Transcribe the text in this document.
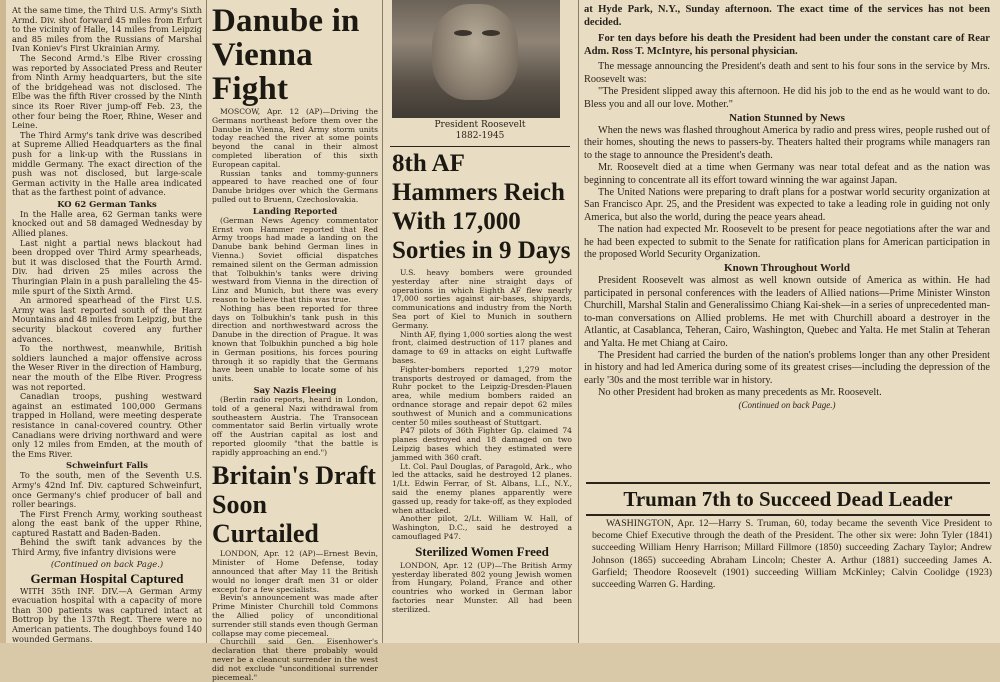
At the same time, the Third U.S. Army's Sixth Armd. Div. shot forward 45 miles from Erfurt to the vicinity of Halle, 14 miles from Leipzig and 85 miles from the Russians of Marshal Ivan Koniev's First Ukrainian Army.

The Second Armd.'s Elbe River crossing was reported by Associated Press and Reuter from Ninth Army headquarters, but the site of the bridgehead was not disclosed. The Elbe was the fifth River crossed by the Ninth since its Roer River jump-off Feb. 23, the other four being the Roer, Rhine, Weser and Leine.

The Third Army's tank drive was described at Supreme Allied Headquarters as the final push for a link-up with the Russians in middle Germany. The exact direction of the push was not disclosed, but large-scale German activity in the Halle area indicated that as the farthest point of advance.

KO 62 German Tanks

In the Halle area, 62 German tanks were knocked out and 58 damaged Wednesday by Allied planes.

Last night a partial news blackout had been dropped over Third Army spearheads, but it was disclosed that the Fourth Armd. Div. had driven 25 miles across the Thuringian Plain in a push paralleling the 45-mile spurt of the Sixth Armd.

An armored spearhead of the First U.S. Army was last reported south of the Harz Mountains and 48 miles from Leipzig, but the security blackout covered any further advances.

To the northwest, meanwhile, British soldiers launched a major offensive across the Weser River in the direction of Hamburg, near the mouth of the Elbe River. Progress was not reported.

Canadian troops, pushing westward against an estimated 100,000 Germans trapped in Holland, were meeting desperate resistance in canal-covered country. Other Canadians were driving northward and were only 12 miles from Emden, at the mouth of the Ems River.

Schweinfurt Falls

To the south, men of the Seventh U.S. Army's 42nd Inf. Div. captured Schweinfurt, once Germany's chief producer of ball and roller bearings.

The First French Army, working southeast along the east bank of the upper Rhine, captured Rastatt and Baden-Baden.

Behind the swift tank advances by the Third Army, five infantry divisions were

(Continued on back Page.)
German Hospital Captured

WITH 35th INF. DIV.—A German Army evacuation hospital with a capacity of more than 300 patients was captured intact at Bottrop by the 137th Regt. There were no American patients. The doughboys found 140 wounded Germans.

Danube in Vienna Fight

MOSCOW, Apr. 12 (AP)—Driving the Germans northeast before them over the Danube in Vienna, Red Army storm units today reached the river at some points beyond the canal in their almost completed liberation of this sixth European capital.

Russian tanks and tommy-gunners appeared to have reached one of four Danube bridges over which the Germans pulled out to Bruenn, Czechoslovakia.

Landing Reported

(German News Agency commentator Ernst von Hammer reported that Red Army troops had made a landing on the Danube bank behind German lines in Vienna.) Soviet official dispatches remained silent on the German admission that Tolbukhin's tanks were driving westward from Vienna in the direction of Linz and Munich, but there was every reason to believe that this was true.

Nothing has been reported for three days on Tolbukhin's tank push in this direction and northwestward across the Danube in the direction of Prague. It was known that Tolbukhin punched a big hole in German positions, his forces pouring through it so rapidly that the Germans have been unable to locate some of his units.

Say Nazis Fleeing

(Berlin radio reports, heard in London, told of a general Nazi withdrawal from southeastern Austria. The Transocean commentator said Berlin virtually wrote off the Austrian capital as lost and reported gloomily "that the battle is rapidly approaching an end.")

Britain's Draft Soon Curtailed

LONDON, Apr. 12 (AP)—Ernest Bevin, Minister of Home Defense, today announced that after May 11 the British would no longer draft men 31 or older except for a few specialists.

Bevin's announcement was made after Prime Minister Churchill told Commons the Allied policy of unconditional surrender still stands even though German collapse may come piecemeal.

Churchill said Gen. Eisenhower's declaration that there probably would never be a cleancut surrender in the west did not exclude "unconditional surrender piecemeal."

President Roosevelt
1882-1945
8th AF Hammers Reich With 17,000 Sorties in 9 Days

U.S. heavy bombers were grounded yesterday after nine straight days of operations in which Eighth AF flew nearly 17,000 sorties against air-bases, shipyards, communications and industry from the North Sea port of Kiel to Munich in southern Germany.

Ninth AF, flying 1,000 sorties along the west front, claimed destruction of 117 planes and damage to 69 in attacks on eight Luftwaffe bases.

Fighter-bombers reported 1,279 motor transports destroyed or damaged, from the Ruhr pocket to the Leipzig-Dresden-Plauen area, while medium bombers raided an ordnance storage and repair depot 62 miles southwest of Munich and a communications center 50 miles southeast of Stuttgart.

P47 pilots of 36th Fighter Gp. claimed 74 planes destroyed and 18 damaged on two Leipzig bases which they estimated were jammed with 360 craft.

Lt. Col. Paul Douglas, of Paragold, Ark., who led the attacks, said he destroyed 12 planes. 1/Lt. Edwin Ferrar, of St. Albans, L.I., N.Y., said the enemy planes apparently were gassed up, ready for take-off, as they exploded when attacked.

Another pilot, 2/Lt. William W. Hall, of Washington, D.C., said he destroyed a camouflaged P47.

Sterilized Women Freed

LONDON, Apr. 12 (UP)—The British Army yesterday liberated 802 young Jewish women from Hungary, Poland, France and other countries who worked in German labor factories near Munster. All had been sterilized.

at Hyde Park, N.Y., Sunday afternoon. The exact time of the services has not been decided.

For ten days before his death the President had been under the constant care of Rear Adm. Ross T. McIntyre, his personal physician.

The message announcing the President's death and sent to his four sons in the service by Mrs. Roosevelt was:

"The President slipped away this afternoon. He did his job to the end as he would want to do. Bless you and all our love. Mother."

Nation Stunned by News

When the news was flashed throughout America by radio and press wires, people rushed out of their homes, shouting the news to passers-by. Theaters halted their programs while managers ran to the stage to announce the President's death.

Mr. Roosevelt died at a time when Germany was near total defeat and as the nation was beginning to concentrate all its effort toward winning the war against Japan.

The United Nations were preparing to draft plans for a postwar world security organization at San Francisco Apr. 25, and the President was expected to take a leading role in guiding not only America, but also the world, during the peace years ahead.

The nation had expected Mr. Roosevelt to be present for peace negotiations after the war and he had been expected to submit to the Senate for ratification plans for American participation in the proposed World Security Organization.

Known Throughout World

President Roosevelt was almost as well known outside of America as within. He had participated in personal conferences with the leaders of Allied nations—Prime Minister Winston Churchill, Marshal Stalin and Generalissimo Chiang Kai-shek—in a series of unprecedented man-to-man conversations on Allied problems. He met with Churchill aboard a destroyer in the Atlantic, at Casablanca, Teheran, Cairo, Washington, Quebec and Yalta. He met Stalin at Teheran and Yalta. He met Chiang at Cairo.

The President had carried the burden of the nation's problems longer than any other President in history and had led America during some of its greatest crises—including the depression of the early '30s and the most terrible war in history.

No other President had broken as many precedents as Mr. Roosevelt.

(Continued on back Page.)
Truman 7th to Succeed Dead Leader

WASHINGTON, Apr. 12—Harry S. Truman, 60, today became the seventh Vice President to become Chief Executive through the death of the President. The other six were: John Tyler (1841) succeeding William Henry Harrison; Millard Fillmore (1850) succeeding Zachary Taylor; Andrew Johnson (1865) succeeding Abraham Lincoln; Chester A. Arthur (1881) succeeding James A. Garfield; Theodore Roosevelt (1901) succeeding William McKinley; Calvin Coolidge (1923) succeeding Warren G. Harding.
